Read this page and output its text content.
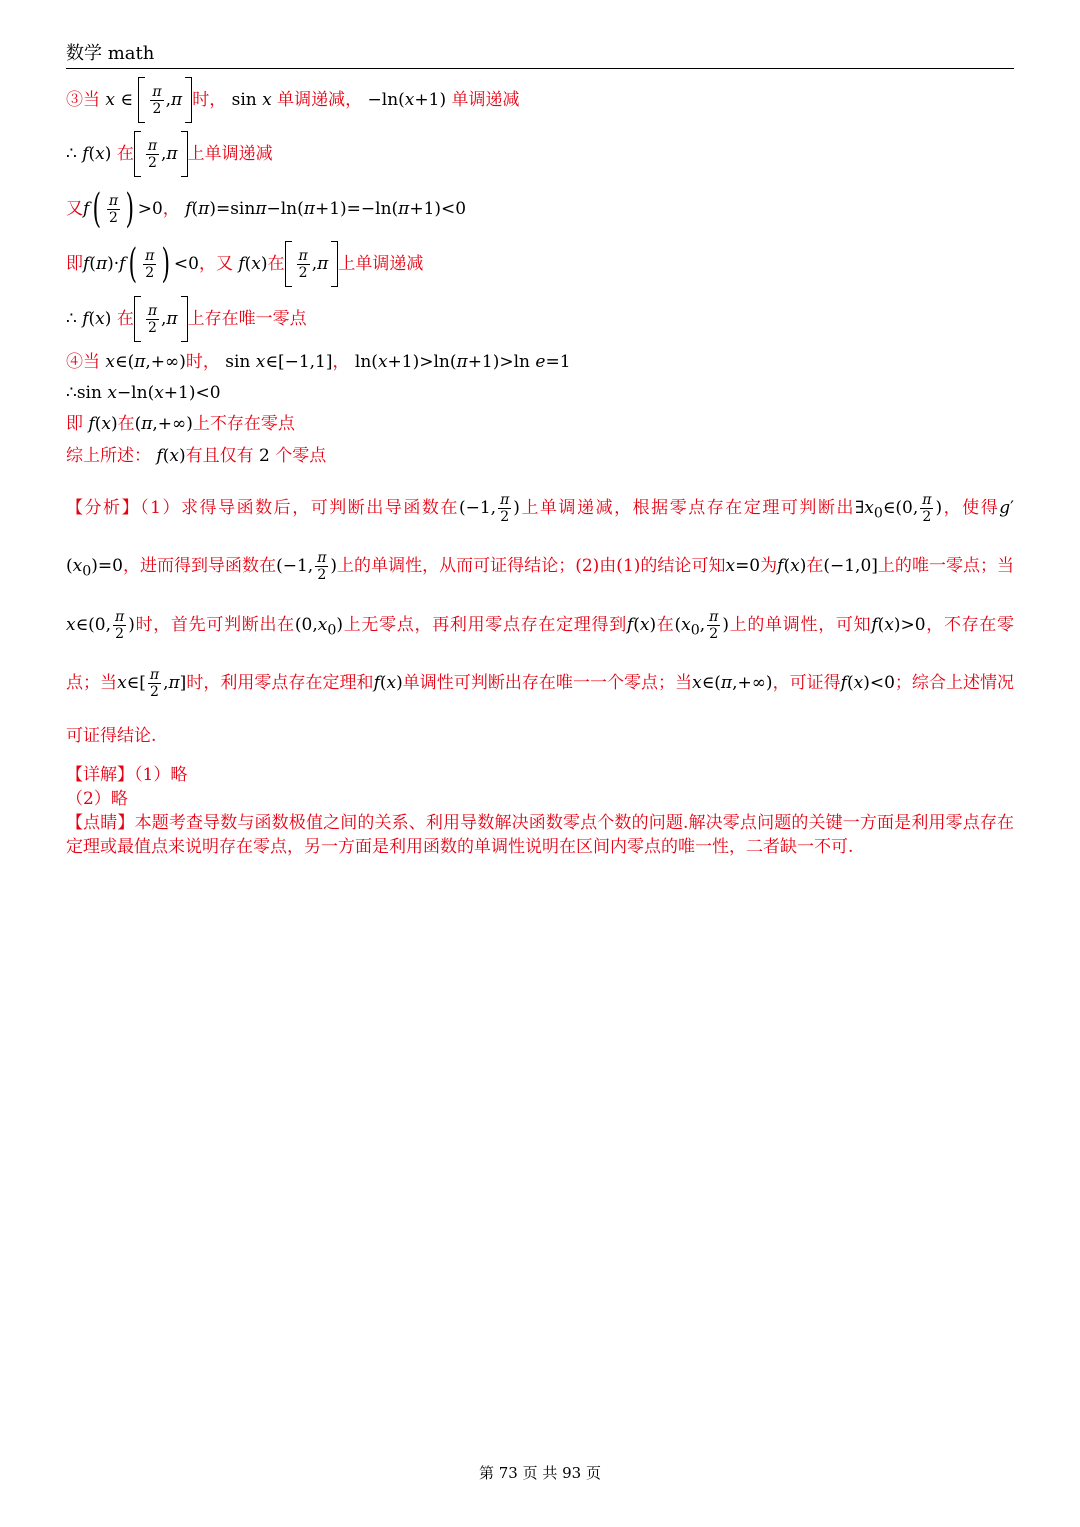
数学 math
③当 x ∈ $\frac{\pi}{2}$ , π 时， sin x
单调递减， −ln( x +1) 单调递减
∴ f ( x ) 在 $\frac{\pi}{2}$ , π 上单调递减
又 f ( $\frac{\pi}{2}$ ) >0 ，
f ( π )=sin π −ln( π +1)=−ln( π +1)<0
即 f ( π )· f ( $\frac{\pi}{2}$ ) <0 ，又 f ( x ) 在 $\frac{\pi}{2}$ , π 上单调递减
∴ f ( x ) 在 $\frac{\pi}{2}$ , π 上存在唯一零点
④当 x ∈( π ,+∞) 时， sin x ∈[−1,1] ， ln( x +1)>ln( π +1)>ln e =1
∴sin x −ln( x +1)<0
即 f ( x ) 在 ( π ,+∞) 上不存在零点
综上所述： f ( x ) 有且仅有
2
个零点
【分析】（1）求得导函数后，可判断出导函数在(−1, $\frac{\pi}{2}$ )上单调递减，根据零点存在定理可判断出$\exists x_0\in(0$, $\frac{\pi}{2}$ )，使得$g'(x_0)=0$，进而得到导函数在(−1, $\frac{\pi}{2}$ )上的单调性，从而可证得结论；(2)由(1)的结论可知x=0为f(x)在(−1,0]上的唯一零点；当x∈(0, $\frac{\pi}{2}$ )时，首先可判断出在$(0,x_0)$上无零点，再利用零点存在定理得到f(x)在($x_0$, $\frac{\pi}{2}$ )上的单调性，可知f(x)>0，不存在零点；当x∈[ $\frac{\pi}{2} ,\pi$]时，利用零点存在定理和f(x)单调性可判断出存在唯一一个零点；当x∈(π,+∞)，可证得f(x)<0；综合上述情况可证得结论.
【详解】（1）略
（2）略
【点睛】本题考查导数与函数极值之间的关系、利用导数解决函数零点个数的问题.解决零点问题的关键一方面是利用零点存在定理或最值点来说明存在零点，另一方面是利用函数的单调性说明在区间内零点的唯一性，二者缺一不可.
第 73 页 共 93 页
